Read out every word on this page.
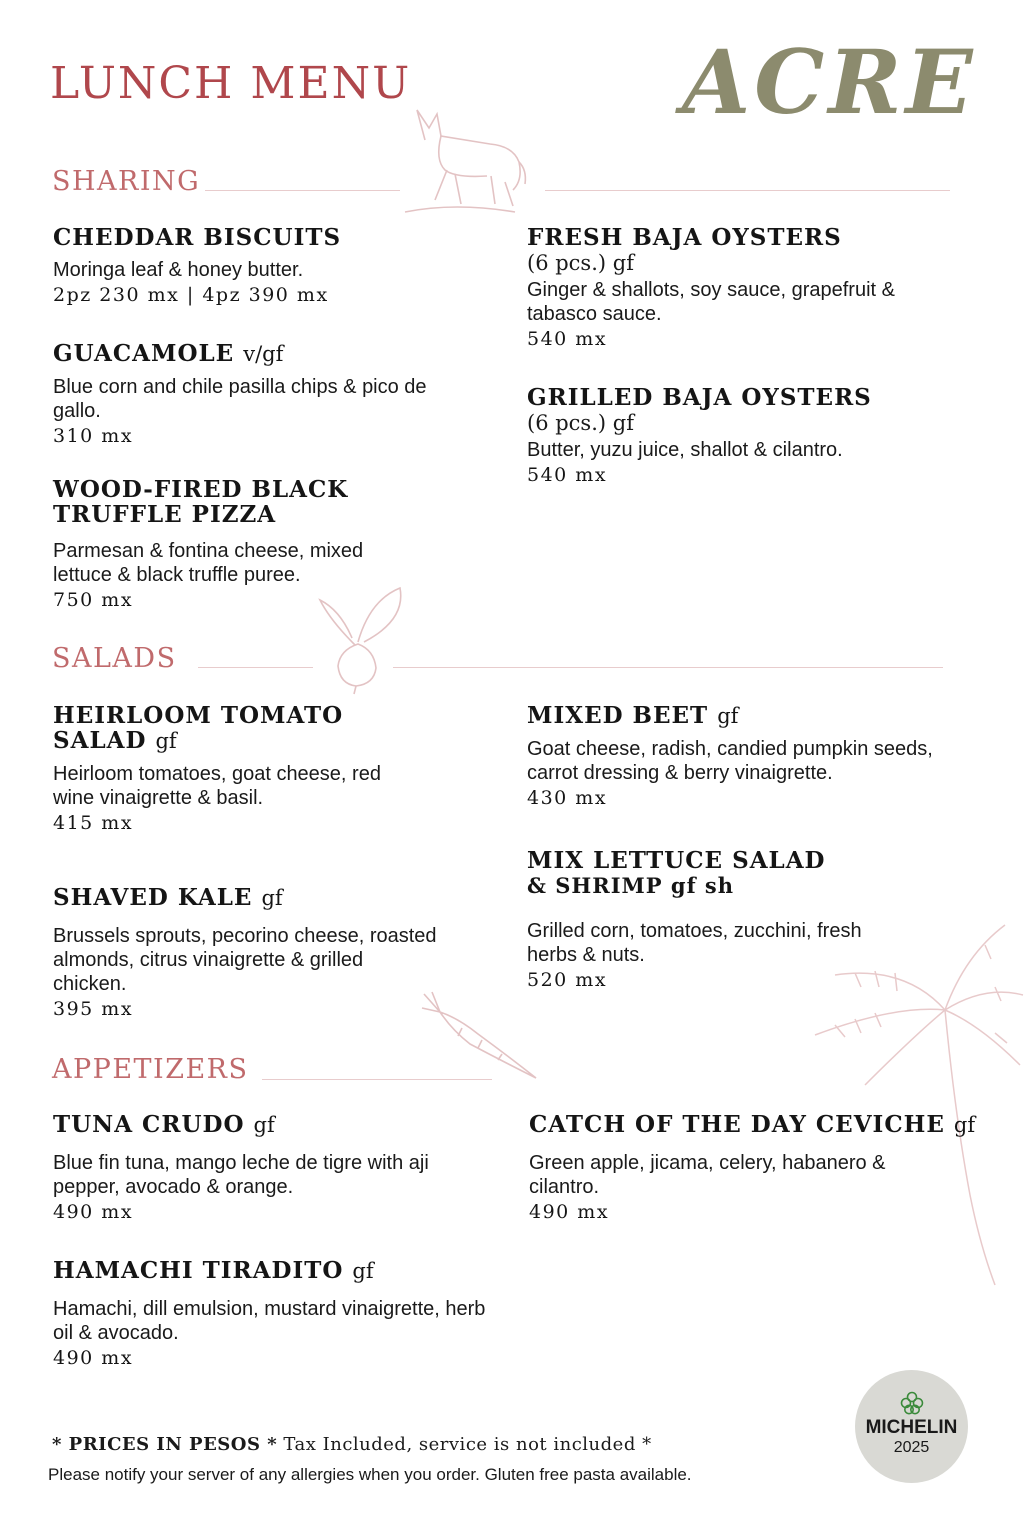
LUNCH MENU	ACRE
SHARING

CHEDDAR BISCUITS

Moringa leaf & honey butter.

2pz 230 mx | 4pz 390 mx

GUACAMOLE v/gf

Blue corn and chile pasilla chips & pico de gallo.

310 mx

WOOD-FIRED BLACK TRUFFLE PIZZA

Parmesan & fontina cheese, mixed lettuce & black truffle puree.

750 mx

FRESH BAJA OYSTERS

(6 pcs.) gf

Ginger & shallots, soy sauce, grapefruit & tabasco sauce.

540 mx

GRILLED BAJA OYSTERS

(6 pcs.) gf

Butter, yuzu juice, shallot & cilantro.

540 mx

SALADS

HEIRLOOM TOMATO SALAD gf

Heirloom tomatoes, goat cheese, red wine vinaigrette & basil.

415 mx

SHAVED KALE gf

Brussels sprouts, pecorino cheese, roasted almonds, citrus vinaigrette & grilled chicken.

395 mx

MIXED BEET gf

Goat cheese, radish, candied pumpkin seeds, carrot dressing & berry vinaigrette.

430 mx

MIX LETTUCE SALAD

& SHRIMP gf sh

Grilled corn, tomatoes, zucchini, fresh herbs & nuts.

520 mx

APPETIZERS

TUNA CRUDO gf

Blue fin tuna, mango leche de tigre with aji pepper, avocado & orange.

490 mx

HAMACHI TIRADITO gf

Hamachi, dill emulsion, mustard vinaigrette, herb oil & avocado.

490 mx

CATCH OF THE DAY CEVICHE gf

Green apple, jicama, celery, habanero & cilantro.

490 mx

* PRICES IN PESOS * Tax Included, service is not included *

Please notify your server of any allergies when you order. Gluten free pasta available.

MICHELIN
2025
